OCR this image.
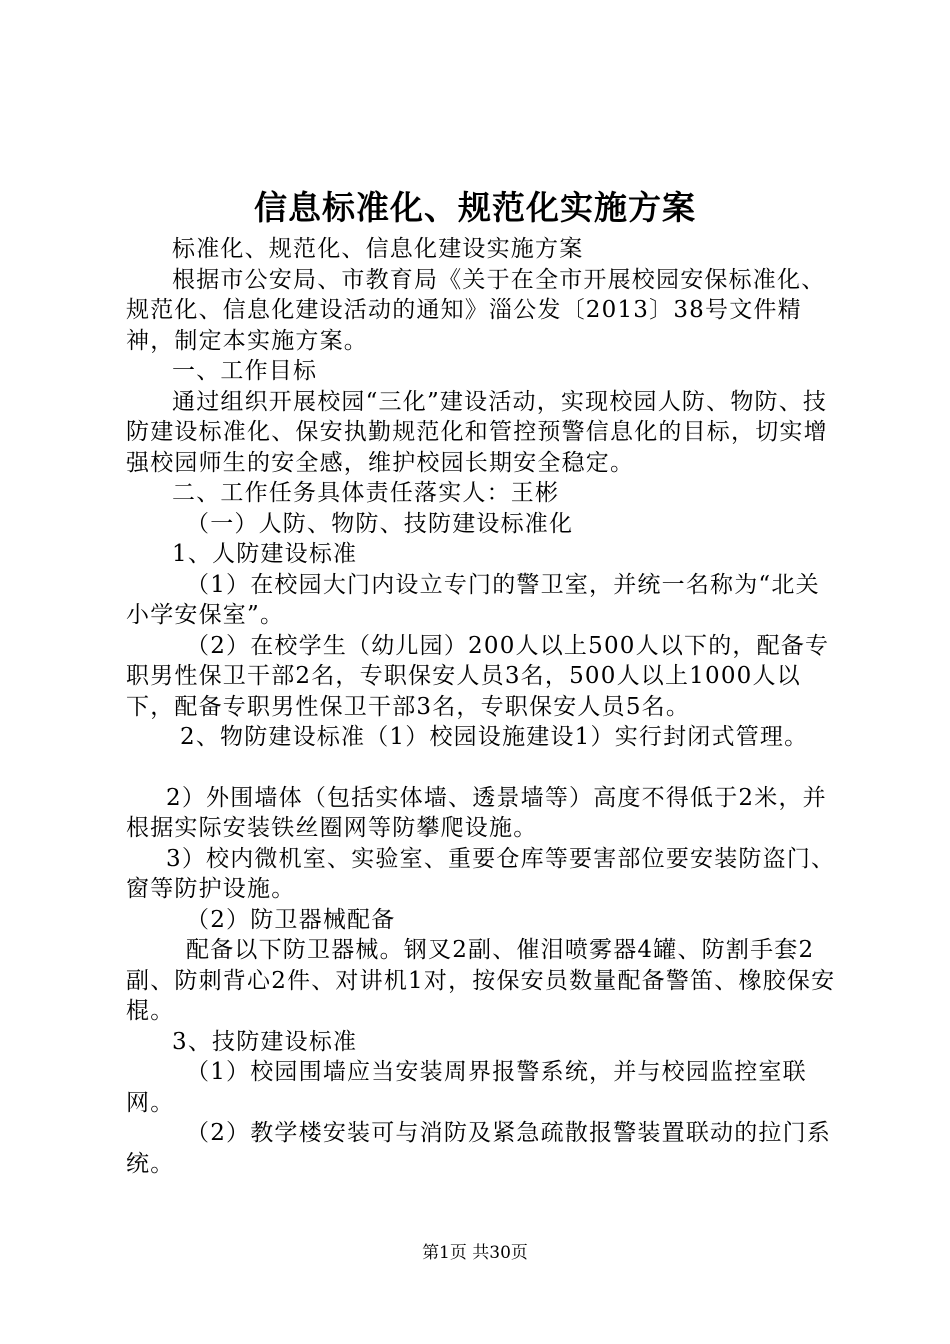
信息标准化、规范化实施方案

标准化、规范化、信息化建设实施方案

根据市公安局、市教育局《关于在全市开展校园安保标准化、规范化、信息化建设活动的通知》淄公发〔2013〕38号文件精神，制定本实施方案。

一、工作目标

通过组织开展校园“三化”建设活动，实现校园人防、物防、技防建设标准化、保安执勤规范化和管控预警信息化的目标，切实增强校园师生的安全感，维护校园长期安全稳定。

二、工作任务具体责任落实人：王彬

（一）人防、物防、技防建设标准化

1、人防建设标准

（1）在校园大门内设立专门的警卫室，并统一名称为“北关小学安保室”。

（2）在校学生（幼儿园）200人以上500人以下的，配备专职男性保卫干部2名，专职保安人员3名，500人以上1000人以下，配备专职男性保卫干部3名，专职保安人员5名。

2、物防建设标准（1）校园设施建设1）实行封闭式管理。

2）外围墙体（包括实体墙、透景墙等）高度不得低于2米，并根据实际安装铁丝圈网等防攀爬设施。

3）校内微机室、实验室、重要仓库等要害部位要安装防盗门、窗等防护设施。

（2）防卫器械配备

配备以下防卫器械。钢叉2副、催泪喷雾器4罐、防割手套2副、防刺背心2件、对讲机1对，按保安员数量配备警笛、橡胶保安棍。

3、技防建设标准

（1）校园围墙应当安装周界报警系统，并与校园监控室联网。

（2）教学楼安装可与消防及紧急疏散报警装置联动的拉门系统。

第1页 共30页
